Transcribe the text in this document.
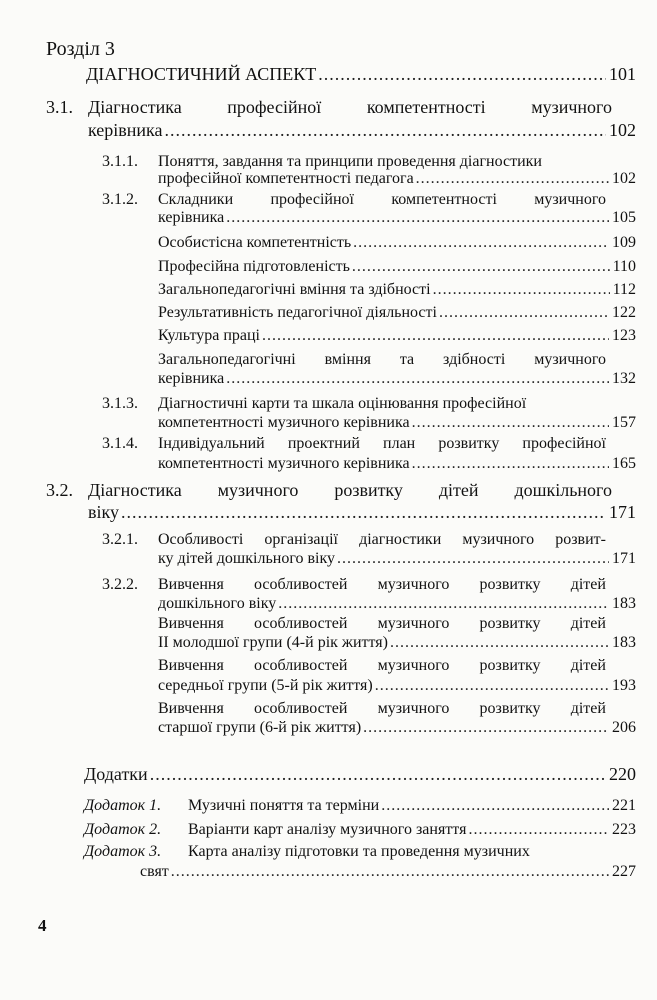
Розділ 3
ДІАГНОСТИЧНИЙ АСПЕКТ .....	101
3.1. Діагностика	професійної	компетентності	музичного
керівника .....	102
3.1.1. Поняття, завдання та принципи проведення діагностики
професійної компетентності педагога .....	102
3.1.2. Складники професійної компетентності музичного
керівника .....	105
Особистісна компетентність .....	109
Професійна підготовленість .....	110
Загальнопедагогічні вміння та здібності .....	112
Результативність педагогічної діяльності .....	122
Культура праці .....	123
Загальнопедагогічні вміння та здібності музичного
керівника .....	132
3.1.3. Діагностичні карти та шкала оцінювання професійної
компетентності музичного керівника .....	157
3.1.4. Індивідуальний проектний план розвитку професійної
компетентності музичного керівника .....	165
3.2. Діагностика музичного розвитку дітей дошкільного
віку .....	171
3.2.1. Особливості організації діагностики музичного розвит-
ку дітей дошкільного віку .....	171
3.2.2. Вивчення особливостей музичного розвитку дітей
дошкільного віку .....	183
Вивчення особливостей музичного розвитку дітей
ІІ молодшої групи (4-й рік життя) .....	183
Вивчення особливостей музичного розвитку дітей
середньої групи (5-й рік життя) .....	193
Вивчення особливостей музичного розвитку дітей
старшої групи (6-й рік життя) .....	206
Додатки .....	220
Додаток 1. Музичні поняття та терміни .....	221
Додаток 2. Варіанти карт аналізу музичного заняття .....	223
Додаток 3. Карта аналізу підготовки та проведення музичних
свят .....	227
4
